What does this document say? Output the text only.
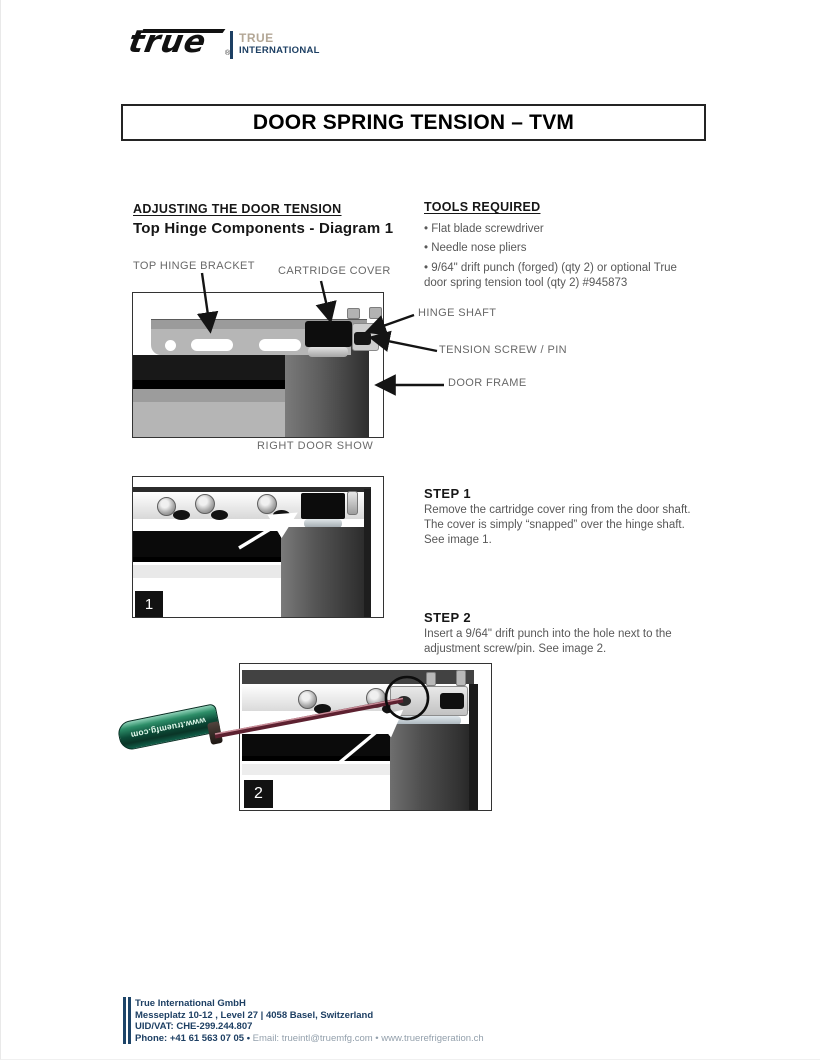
true ®
TRUE
INTERNATIONAL
DOOR SPRING TENSION – TVM
ADJUSTING THE DOOR TENSION
Top Hinge Components - Diagram 1
TOOLS REQUIRED
• Flat blade screwdriver
• Needle nose pliers
• 9/64" drift punch (forged) (qty 2) or optional True door spring tension tool (qty 2) #945873
TOP HINGE BRACKET CARTRIDGE COVER
HINGE SHAFT
TENSION SCREW / PIN
DOOR FRAME
RIGHT DOOR SHOW
1
STEP 1
Remove the cartridge cover ring from the door shaft. The cover is simply “snapped” over the hinge shaft. See image 1.
STEP 2
Insert a 9/64" drift punch into the hole next to the adjustment screw/pin. See image 2.
2
www.truemfg.com
True International GmbH
Messeplatz 10-12 , Level 27 | 4058 Basel, Switzerland
UID/VAT: CHE-299.244.807
Phone: +41 61 563 07 05 • Email: trueintl@truemfg.com • www.truerefrigeration.ch
